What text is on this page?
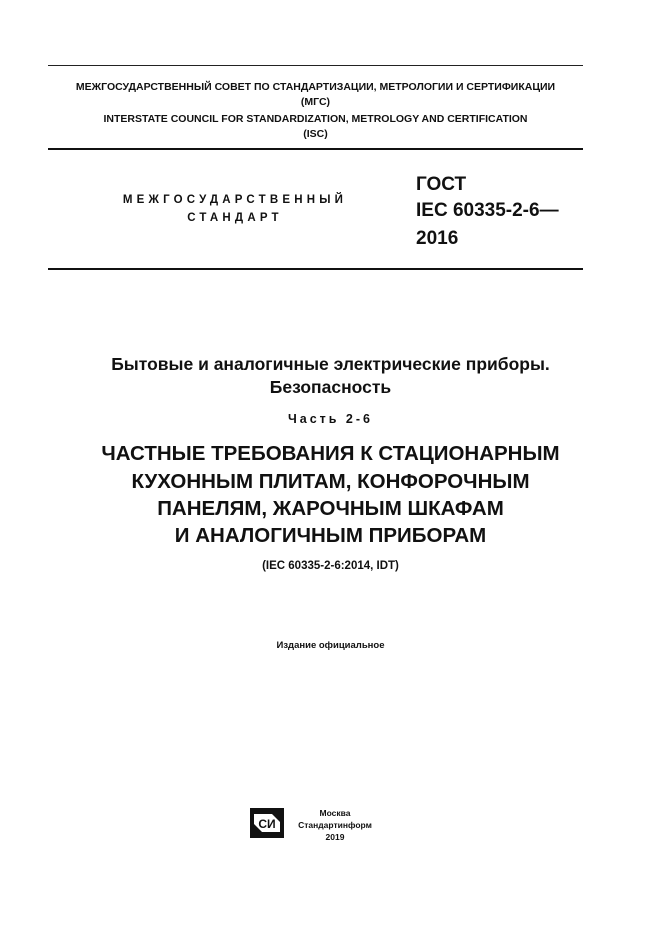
МЕЖГОСУДАРСТВЕННЫЙ СОВЕТ ПО СТАНДАРТИЗАЦИИ, МЕТРОЛОГИИ И СЕРТИФИКАЦИИ
(МГС)
INTERSTATE COUNCIL FOR STANDARDIZATION, METROLOGY AND CERTIFICATION
(ISC)
МЕЖГОСУДАРСТВЕННЫЙ
СТАНДАРТ
ГОСТ
IEC 60335-2-6—
2016
Бытовые и аналогичные электрические приборы.
Безопасность
Часть 2-6
ЧАСТНЫЕ ТРЕБОВАНИЯ К СТАЦИОНАРНЫМ
КУХОННЫМ ПЛИТАМ, КОНФОРОЧНЫМ
ПАНЕЛЯМ, ЖАРОЧНЫМ ШКАФАМ
И АНАЛОГИЧНЫМ ПРИБОРАМ
(IEC 60335-2-6:2014, IDT)
Издание официальное
СИ
Москва
Стандартинформ
2019
